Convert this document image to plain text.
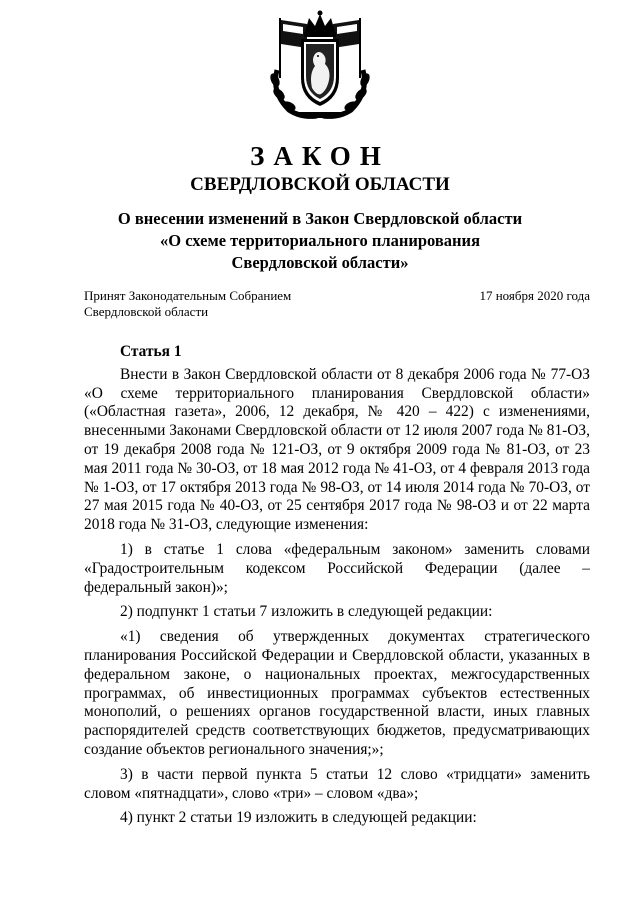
ЗАКОН
СВЕРДЛОВСКОЙ ОБЛАСТИ
О внесении изменений в Закон Свердловской области
«О схеме территориального планирования
Свердловской области»
Принят Законодательным Собранием
Свердловской области
17 ноября 2020 года
Статья 1

Внести в Закон Свердловской области от 8 декабря 2006 года № 77-ОЗ «О схеме территориального планирования Свердловской области» («Областная газета», 2006, 12 декабря, № 420 – 422) с изменениями, внесенными Законами Свердловской области от 12 июля 2007 года № 81-ОЗ, от 19 декабря 2008 года № 121-ОЗ, от 9 октября 2009 года № 81-ОЗ, от 23 мая 2011 года № 30-ОЗ, от 18 мая 2012 года № 41-ОЗ, от 4 февраля 2013 года № 1-ОЗ, от 17 октября 2013 года № 98-ОЗ, от 14 июля 2014 года № 70-ОЗ, от 27 мая 2015 года № 40-ОЗ, от 25 сентября 2017 года № 98-ОЗ и от 22 марта 2018 года № 31-ОЗ, следующие изменения:

1) в статье 1 слова «федеральным законом» заменить словами «Градостроительным кодексом Российской Федерации (далее – федеральный закон)»;

2) подпункт 1 статьи 7 изложить в следующей редакции:

«1) сведения об утвержденных документах стратегического планирования Российской Федерации и Свердловской области, указанных в федеральном законе, о национальных проектах, межгосударственных программах, об инвестиционных программах субъектов естественных монополий, о решениях органов государственной власти, иных главных распорядителей средств соответствующих бюджетов, предусматривающих создание объектов регионального значения;»;

3) в части первой пункта 5 статьи 12 слово «тридцати» заменить словом «пятнадцати», слово «три» – словом «два»;

4) пункт 2 статьи 19 изложить в следующей редакции:
